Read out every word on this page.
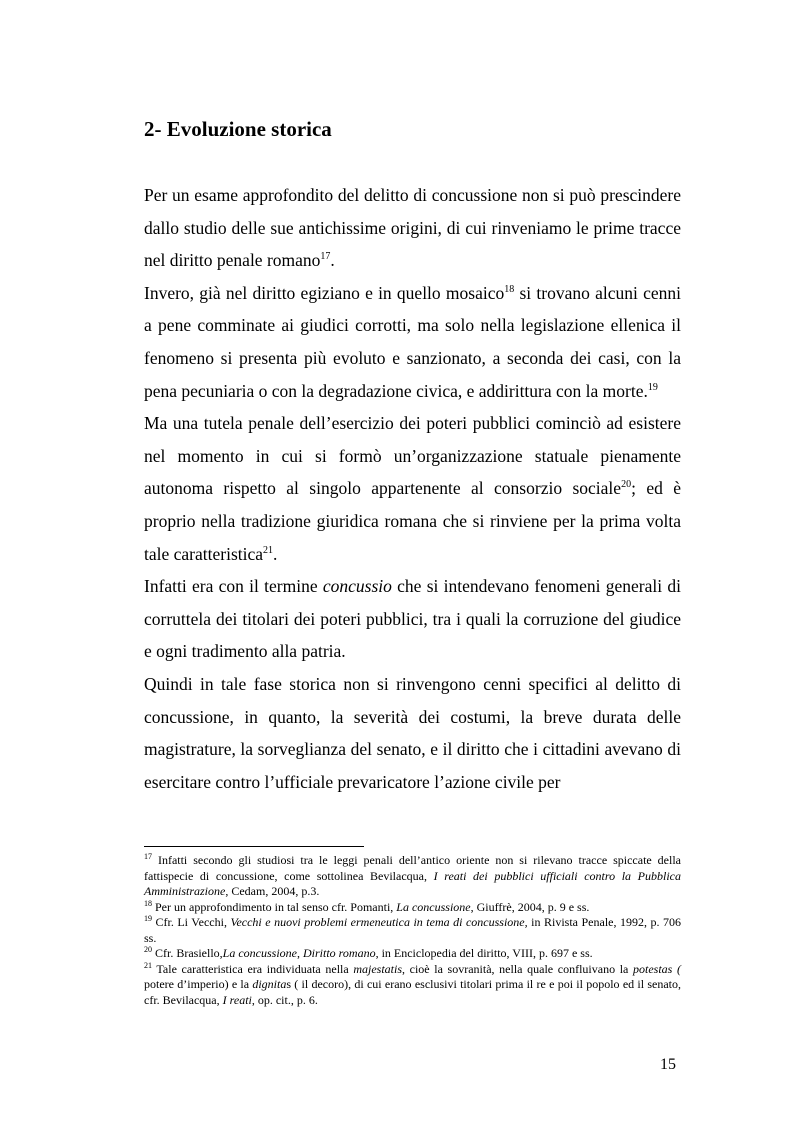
2- Evoluzione storica

Per un esame approfondito del delitto di concussione non si può prescindere dallo studio delle sue antichissime origini, di cui rinveniamo le prime tracce nel diritto penale romano$^{17}$.

Invero, già nel diritto egiziano e in quello mosaico$^{18}$ si trovano alcuni cenni a pene comminate ai giudici corrotti, ma solo nella legislazione ellenica il fenomeno si presenta più evoluto e sanzionato, a seconda dei casi, con la pena pecuniaria o con la degradazione civica, e addirittura con la morte.$^{19}$

Ma una tutela penale dell’esercizio dei poteri pubblici cominciò ad esistere nel momento in cui si formò un’organizzazione statuale pienamente autonoma rispetto al singolo appartenente al consorzio sociale$^{20}$; ed è proprio nella tradizione giuridica romana che si rinviene per la prima volta tale caratteristica$^{21}$.

Infatti era con il termine concussio che si intendevano fenomeni generali di corruttela dei titolari dei poteri pubblici, tra i quali la corruzione del giudice e ogni tradimento alla patria.

Quindi in tale fase storica non si rinvengono cenni specifici al delitto di concussione, in quanto, la severità dei costumi, la breve durata delle magistrature, la sorveglianza del senato, e il diritto che i cittadini avevano di esercitare contro l’ufficiale prevaricatore l’azione civile per

$^{17}$ Infatti secondo gli studiosi tra le leggi penali dell’antico oriente non si rilevano tracce spiccate della fattispecie di concussione, come sottolinea Bevilacqua, I reati dei pubblici ufficiali contro la Pubblica Amministrazione, Cedam, 2004, p.3.

$^{18}$ Per un approfondimento in tal senso cfr. Pomanti, La concussione, Giuffrè, 2004, p. 9 e ss.

$^{19}$ Cfr. Li Vecchi, Vecchi e nuovi problemi ermeneutica in tema di concussione, in Rivista Penale, 1992, p. 706 ss.

$^{20}$ Cfr. Brasiello,La concussione, Diritto romano, in Enciclopedia del diritto, VIII, p. 697 e ss.

$^{21}$ Tale caratteristica era individuata nella majestatis, cioè la sovranità, nella quale confluivano la potestas ( potere d’imperio) e la dignitas ( il decoro), di cui erano esclusivi titolari prima il re e poi il popolo ed il senato, cfr. Bevilacqua, I reati, op. cit., p. 6.

15
